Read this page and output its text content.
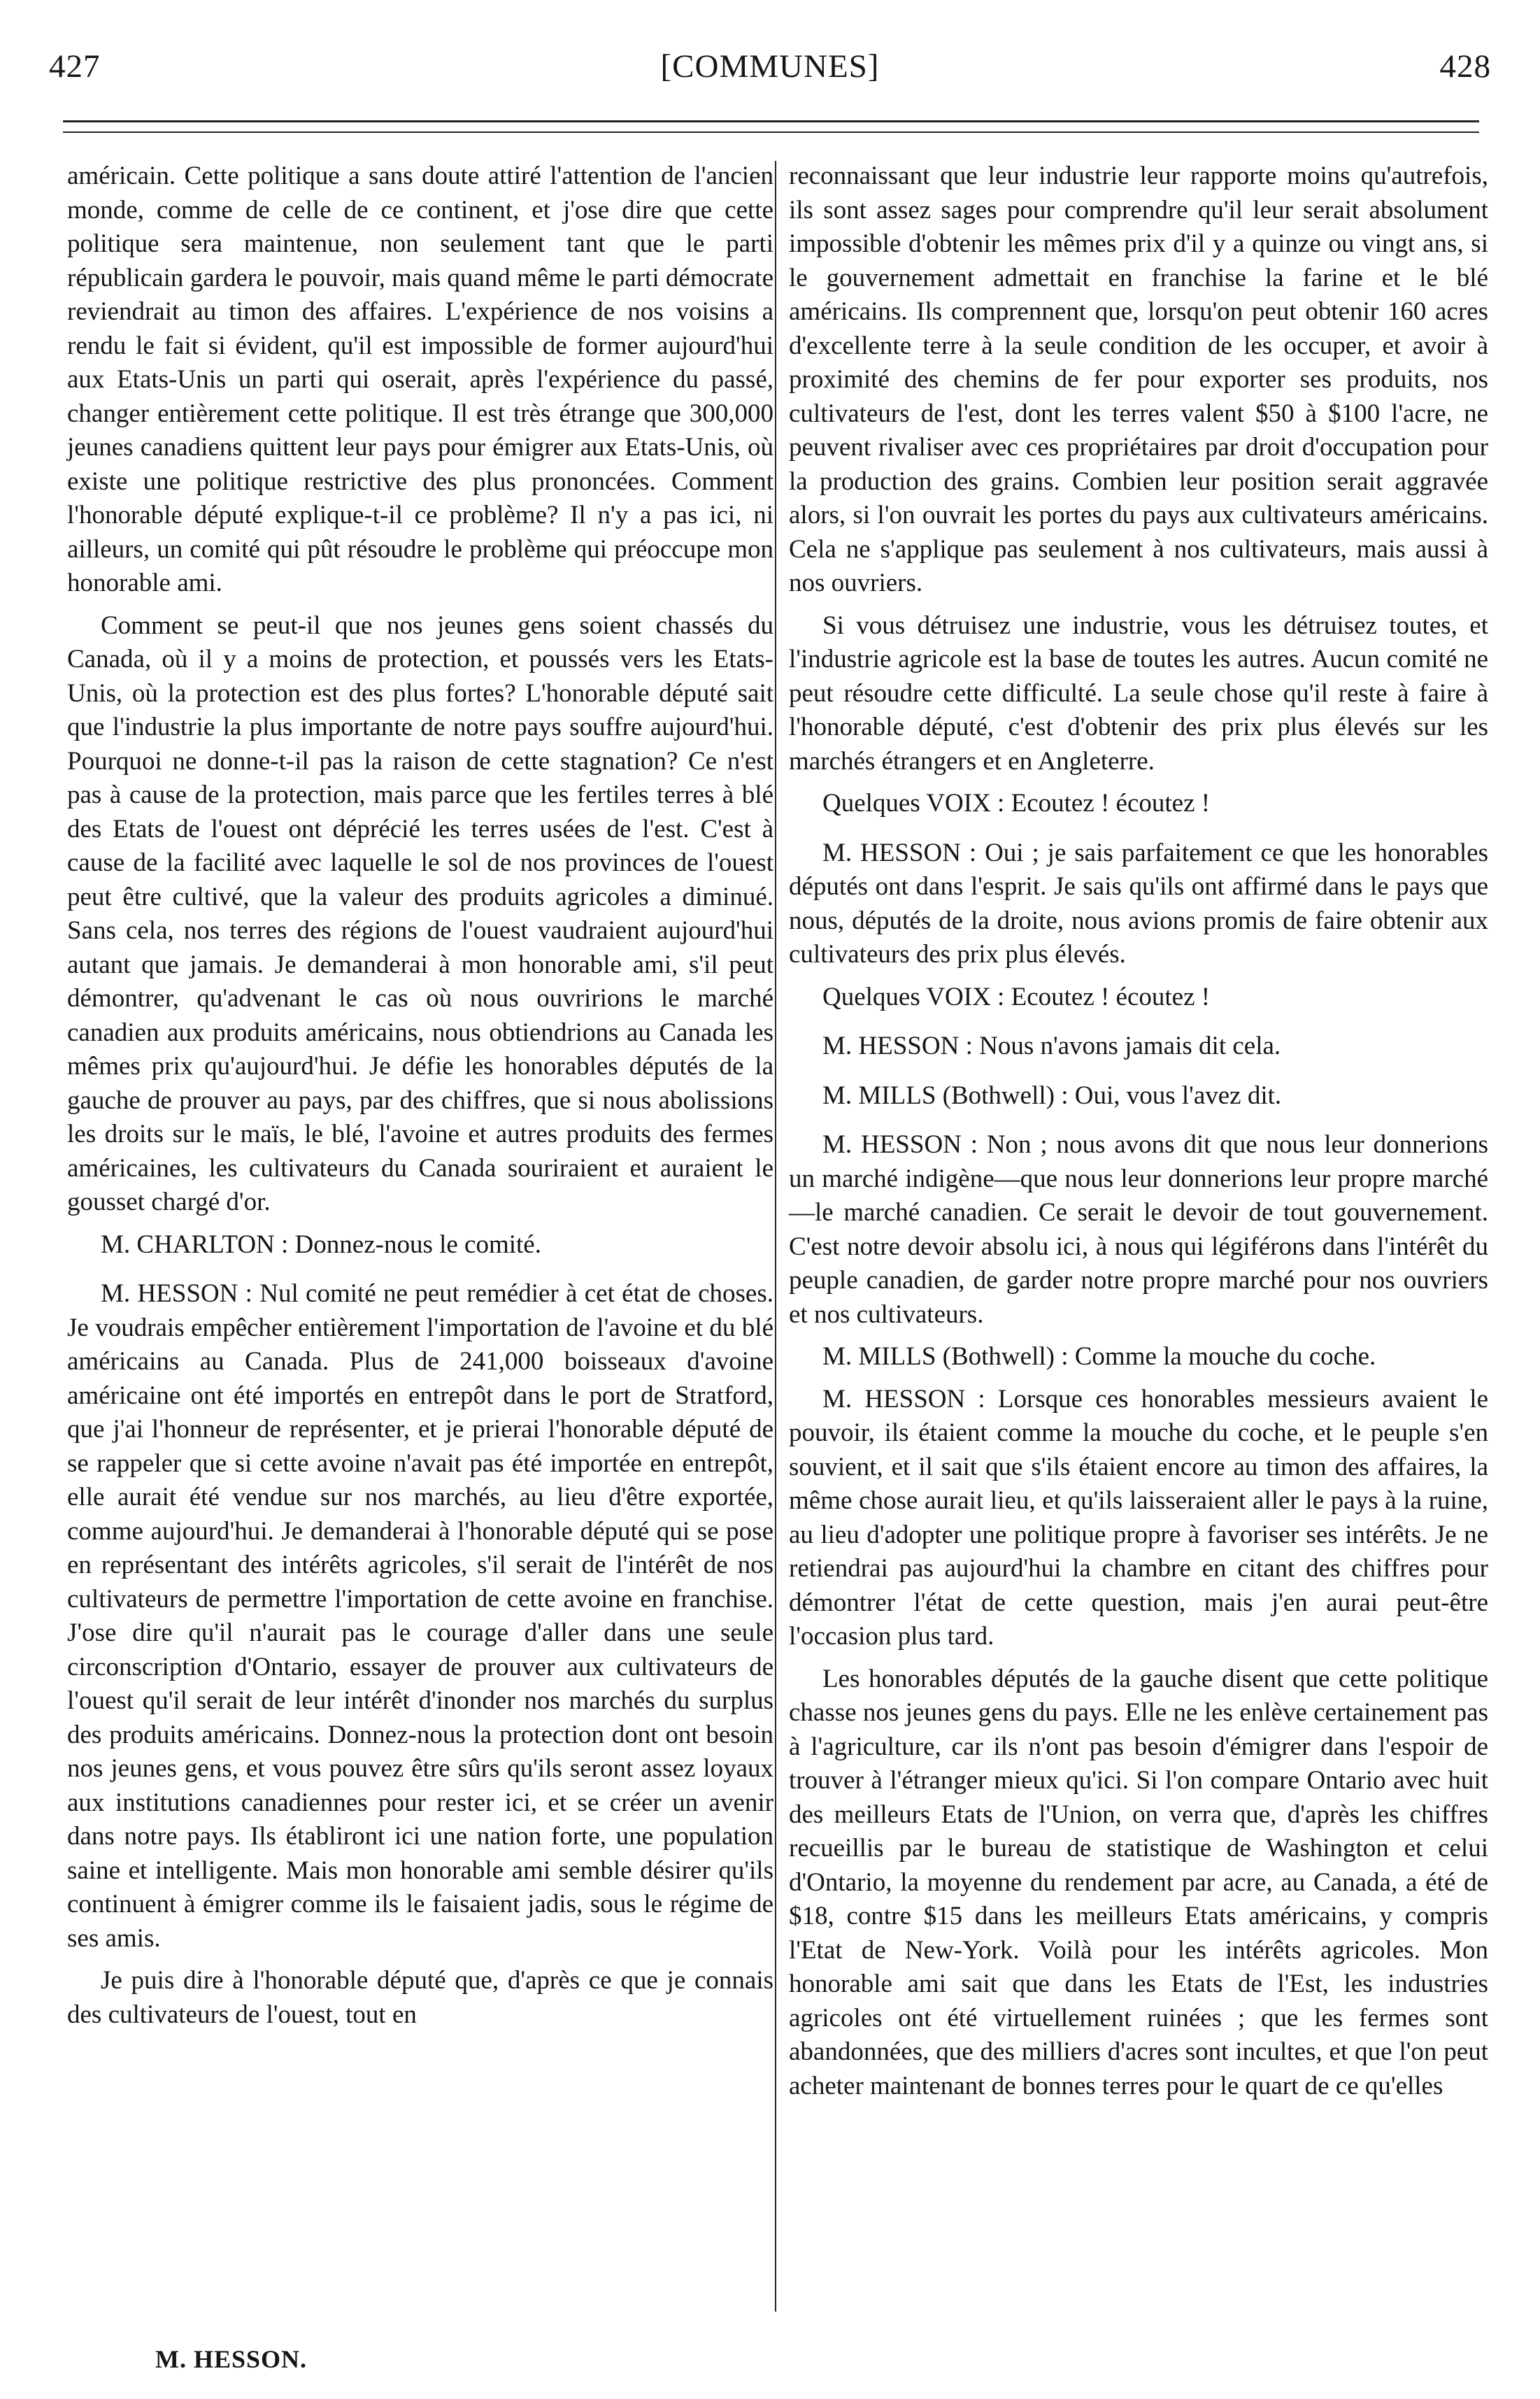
427	[COMMUNES]	428

américain. Cette politique a sans doute attiré l'attention de l'ancien monde, comme de celle de ce continent, et j'ose dire que cette politique sera maintenue, non seulement tant que le parti républicain gardera le pouvoir, mais quand même le parti démocrate reviendrait au timon des affaires. L'expérience de nos voisins a rendu le fait si évident, qu'il est impossible de former aujourd'hui aux Etats-Unis un parti qui oserait, après l'expérience du passé, changer entièrement cette politique. Il est très étrange que 300,000 jeunes canadiens quittent leur pays pour émigrer aux Etats-Unis, où existe une politique restrictive des plus prononcées. Comment l'honorable député explique-t-il ce problème? Il n'y a pas ici, ni ailleurs, un comité qui pût résoudre le problème qui préoccupe mon honorable ami.

Comment se peut-il que nos jeunes gens soient chassés du Canada, où il y a moins de protection, et poussés vers les Etats-Unis, où la protection est des plus fortes? L'honorable député sait que l'industrie la plus importante de notre pays souffre aujourd'hui. Pourquoi ne donne-t-il pas la raison de cette stagnation? Ce n'est pas à cause de la protection, mais parce que les fertiles terres à blé des Etats de l'ouest ont déprécié les terres usées de l'est. C'est à cause de la facilité avec laquelle le sol de nos provinces de l'ouest peut être cultivé, que la valeur des produits agricoles a diminué. Sans cela, nos terres des régions de l'ouest vaudraient aujourd'hui autant que jamais. Je demanderai à mon honorable ami, s'il peut démontrer, qu'advenant le cas où nous ouvririons le marché canadien aux produits américains, nous obtiendrions au Canada les mêmes prix qu'aujourd'hui. Je défie les honorables députés de la gauche de prouver au pays, par des chiffres, que si nous abolissions les droits sur le maïs, le blé, l'avoine et autres produits des fermes américaines, les cultivateurs du Canada souriraient et auraient le gousset chargé d'or.

M. CHARLTON : Donnez-nous le comité.

M. HESSON : Nul comité ne peut remédier à cet état de choses. Je voudrais empêcher entièrement l'importation de l'avoine et du blé américains au Canada. Plus de 241,000 boisseaux d'avoine américaine ont été importés en entrepôt dans le port de Stratford, que j'ai l'honneur de représenter, et je prierai l'honorable député de se rappeler que si cette avoine n'avait pas été importée en entrepôt, elle aurait été vendue sur nos marchés, au lieu d'être exportée, comme aujourd'hui. Je demanderai à l'honorable député qui se pose en représentant des intérêts agricoles, s'il serait de l'intérêt de nos cultivateurs de permettre l'importation de cette avoine en franchise. J'ose dire qu'il n'aurait pas le courage d'aller dans une seule circonscription d'Ontario, essayer de prouver aux cultivateurs de l'ouest qu'il serait de leur intérêt d'inonder nos marchés du surplus des produits américains. Donnez-nous la protection dont ont besoin nos jeunes gens, et vous pouvez être sûrs qu'ils seront assez loyaux aux institutions canadiennes pour rester ici, et se créer un avenir dans notre pays. Ils établiront ici une nation forte, une population saine et intelligente. Mais mon honorable ami semble désirer qu'ils continuent à émigrer comme ils le faisaient jadis, sous le régime de ses amis.

Je puis dire à l'honorable député que, d'après ce que je connais des cultivateurs de l'ouest, tout en

reconnaissant que leur industrie leur rapporte moins qu'autrefois, ils sont assez sages pour comprendre qu'il leur serait absolument impossible d'obtenir les mêmes prix d'il y a quinze ou vingt ans, si le gouvernement admettait en franchise la farine et le blé américains. Ils comprennent que, lorsqu'on peut obtenir 160 acres d'excellente terre à la seule condition de les occuper, et avoir à proximité des chemins de fer pour exporter ses produits, nos cultivateurs de l'est, dont les terres valent $50 à $100 l'acre, ne peuvent rivaliser avec ces propriétaires par droit d'occupation pour la production des grains. Combien leur position serait aggravée alors, si l'on ouvrait les portes du pays aux cultivateurs américains. Cela ne s'applique pas seulement à nos cultivateurs, mais aussi à nos ouvriers.

Si vous détruisez une industrie, vous les détruisez toutes, et l'industrie agricole est la base de toutes les autres. Aucun comité ne peut résoudre cette difficulté. La seule chose qu'il reste à faire à l'honorable député, c'est d'obtenir des prix plus élevés sur les marchés étrangers et en Angleterre.

Quelques VOIX : Ecoutez ! écoutez !

M. HESSON : Oui ; je sais parfaitement ce que les honorables députés ont dans l'esprit. Je sais qu'ils ont affirmé dans le pays que nous, députés de la droite, nous avions promis de faire obtenir aux cultivateurs des prix plus élevés.

Quelques VOIX : Ecoutez ! écoutez !

M. HESSON : Nous n'avons jamais dit cela.

M. MILLS (Bothwell) : Oui, vous l'avez dit.

M. HESSON : Non ; nous avons dit que nous leur donnerions un marché indigène—que nous leur donnerions leur propre marché—le marché canadien. Ce serait le devoir de tout gouvernement. C'est notre devoir absolu ici, à nous qui légiférons dans l'intérêt du peuple canadien, de garder notre propre marché pour nos ouvriers et nos cultivateurs.

M. MILLS (Bothwell) : Comme la mouche du coche.

M. HESSON : Lorsque ces honorables messieurs avaient le pouvoir, ils étaient comme la mouche du coche, et le peuple s'en souvient, et il sait que s'ils étaient encore au timon des affaires, la même chose aurait lieu, et qu'ils laisseraient aller le pays à la ruine, au lieu d'adopter une politique propre à favoriser ses intérêts. Je ne retiendrai pas aujourd'hui la chambre en citant des chiffres pour démontrer l'état de cette question, mais j'en aurai peut-être l'occasion plus tard.

Les honorables députés de la gauche disent que cette politique chasse nos jeunes gens du pays. Elle ne les enlève certainement pas à l'agriculture, car ils n'ont pas besoin d'émigrer dans l'espoir de trouver à l'étranger mieux qu'ici. Si l'on compare Ontario avec huit des meilleurs Etats de l'Union, on verra que, d'après les chiffres recueillis par le bureau de statistique de Washington et celui d'Ontario, la moyenne du rendement par acre, au Canada, a été de $18, contre $15 dans les meilleurs Etats américains, y compris l'Etat de New-York. Voilà pour les intérêts agricoles. Mon honorable ami sait que dans les Etats de l'Est, les industries agricoles ont été virtuellement ruinées ; que les fermes sont abandonnées, que des milliers d'acres sont incultes, et que l'on peut acheter maintenant de bonnes terres pour le quart de ce qu'elles

M. HESSON.
